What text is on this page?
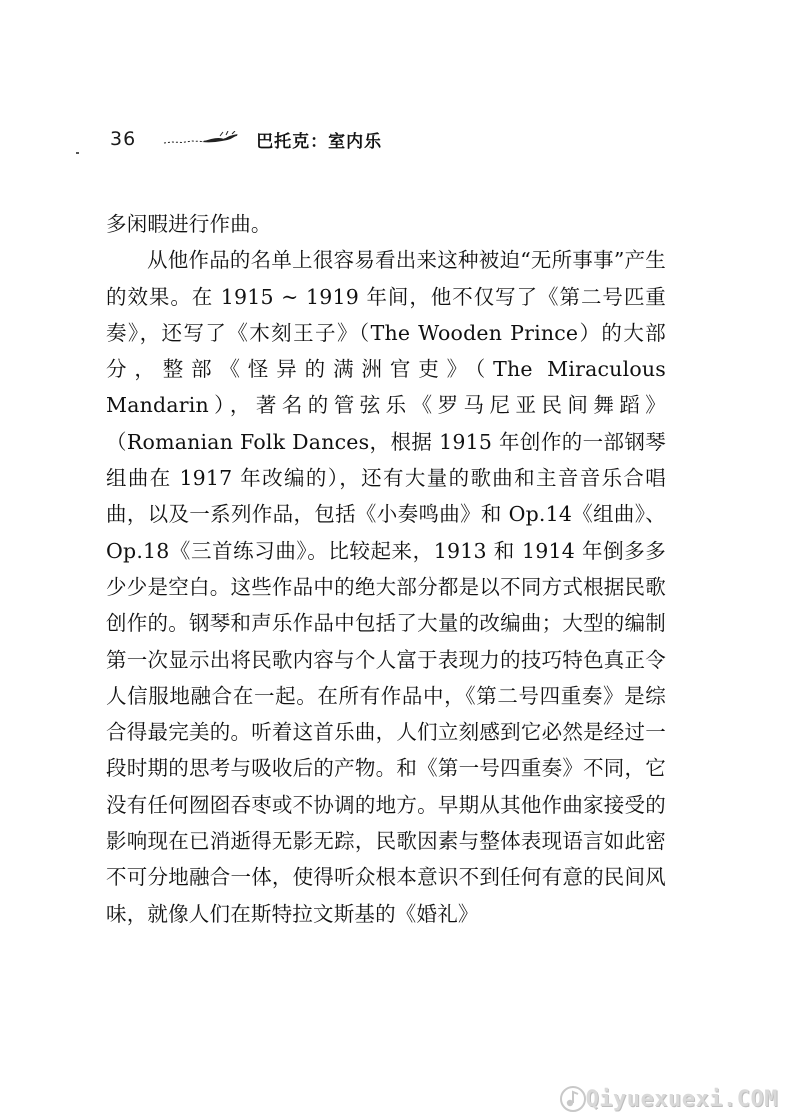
36	巴托克：室内乐

多闲暇进行作曲。

从他作品的名单上很容易看出来这种被迫“无所事事”产生的效果。在 1915 ~ 1919 年间，他不仅写了《第二号匹重奏》，还写了《木刻王子》（The Wooden Prince）的大部分，整部《怪异的满洲官吏》（The Miraculous Mandarin），著名的管弦乐《罗马尼亚民间舞蹈》（Romanian Folk Dances，根据 1915 年创作的一部钢琴组曲在 1917 年改编的），还有大量的歌曲和主音音乐合唱曲，以及一系列作品，包括《小奏鸣曲》和 Op.14《组曲》、Op.18《三首练习曲》。比较起来，1913 和 1914 年倒多多少少是空白。这些作品中的绝大部分都是以不同方式根据民歌创作的。钢琴和声乐作品中包括了大量的改编曲；大型的编制第一次显示出将民歌内容与个人富于表现力的技巧特色真正令人信服地融合在一起。在所有作品中，《第二号四重奏》是综合得最完美的。听着这首乐曲，人们立刻感到它必然是经过一段时期的思考与吸收后的产物。和《第一号四重奏》不同，它没有任何囫囵吞枣或不协调的地方。早期从其他作曲家接受的影响现在已消逝得无影无踪，民歌因素与整体表现语言如此密不可分地融合一体，使得听众根本意识不到任何有意的民间风味，就像人们在斯特拉文斯基的《婚礼》

Qiyuexuexi.COM
